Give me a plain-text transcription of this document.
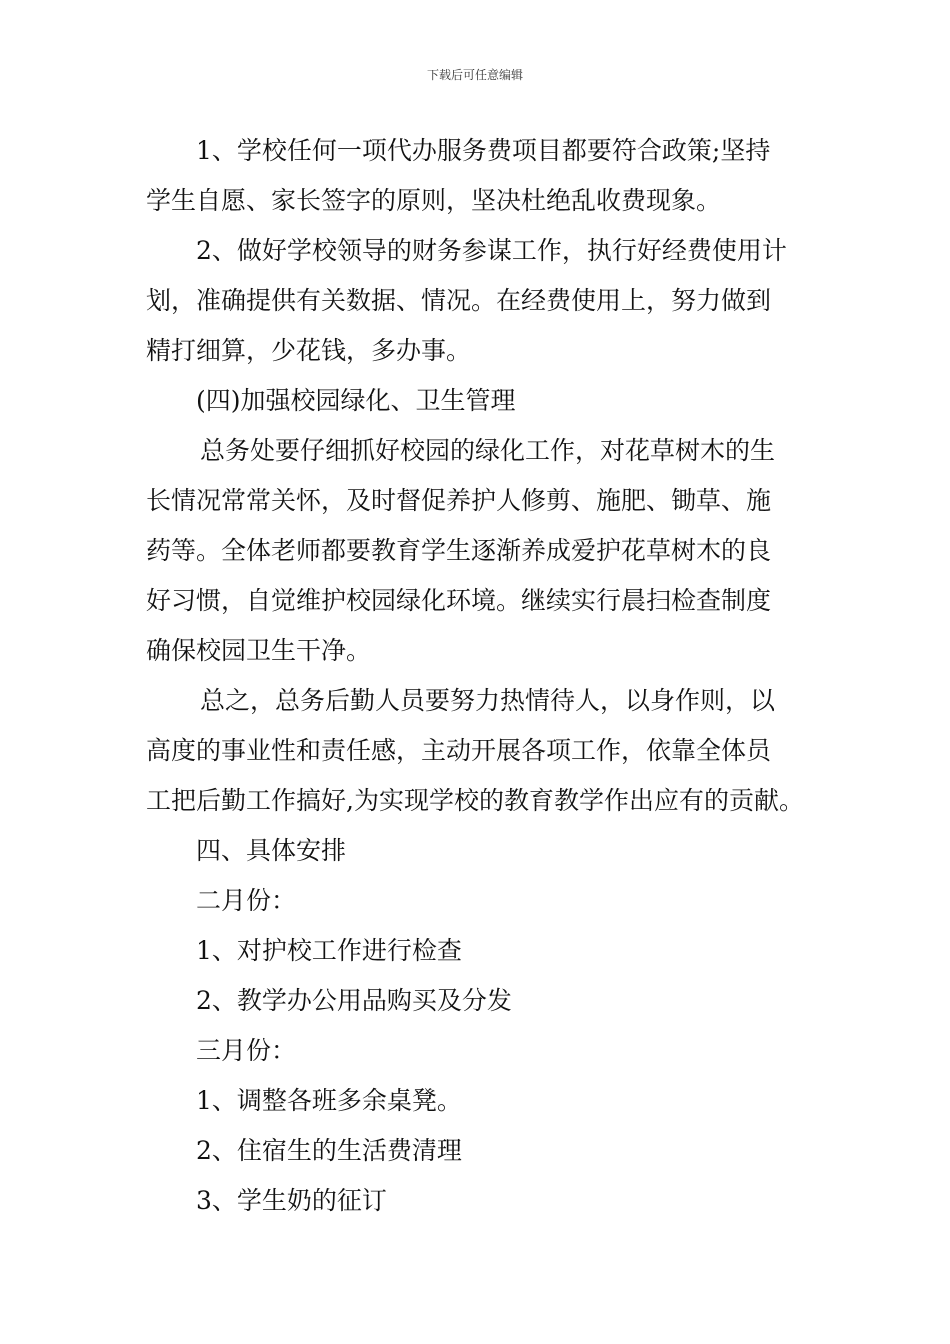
下载后可任意编辑
1、学校任何一项代办服务费项目都要符合政策;坚持
学生自愿、家长签字的原则，坚决杜绝乱收费现象。
2、做好学校领导的财务参谋工作，执行好经费使用计
划，准确提供有关数据、情况。在经费使用上，努力做到
精打细算，少花钱，多办事。
(四)加强校园绿化、卫生管理
总务处要仔细抓好校园的绿化工作，对花草树木的生
长情况常常关怀，及时督促养护人修剪、施肥、锄草、施
药等。全体老师都要教育学生逐渐养成爱护花草树木的良
好习惯，自觉维护校园绿化环境。继续实行晨扫检查制度
确保校园卫生干净。
总之，总务后勤人员要努力热情待人，以身作则，以
高度的事业性和责任感，主动开展各项工作，依靠全体员
工把后勤工作搞好,为实现学校的教育教学作出应有的贡献。
四、具体安排
二月份：
1、对护校工作进行检查
2、教学办公用品购买及分发
三月份：
1、调整各班多余桌凳。
2、住宿生的生活费清理
3、学生奶的征订
